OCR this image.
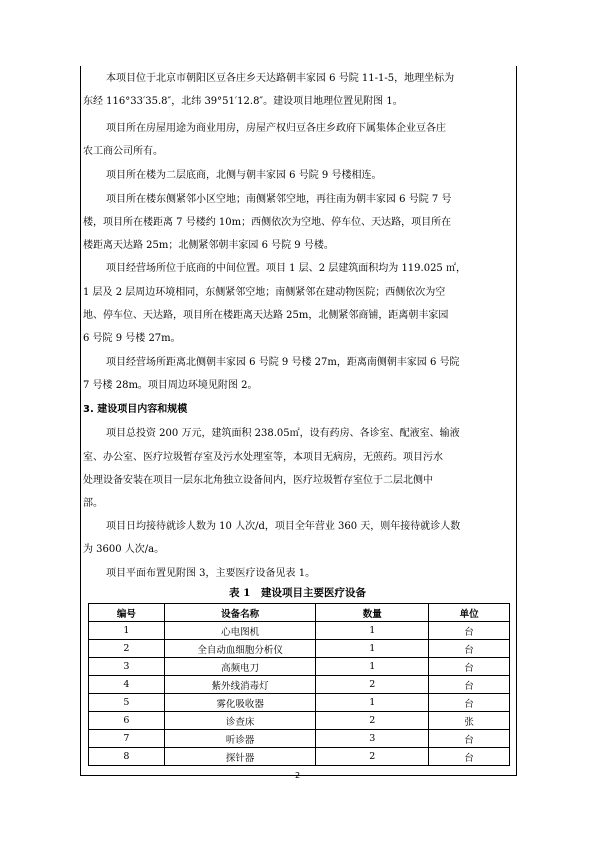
本项目位于北京市朝阳区豆各庄乡天达路朝丰家园 6 号院 11-1-5，地理坐标为
东经 116°33′35.8″，北纬 39°51′12.8″。建设项目地理位置见附图 1。
项目所在房屋用途为商业用房，房屋产权归豆各庄乡政府下属集体企业豆各庄
农工商公司所有。
项目所在楼为二层底商，北侧与朝丰家园 6 号院 9 号楼相连。
项目所在楼东侧紧邻小区空地；南侧紧邻空地，再往南为朝丰家园 6 号院 7 号
楼，项目所在楼距离 7 号楼约 10m；西侧依次为空地、停车位、天达路，项目所在
楼距离天达路 25m；北侧紧邻朝丰家园 6 号院 9 号楼。
项目经营场所位于底商的中间位置。项目 1 层、2 层建筑面积均为 119.025 ㎡，
1 层及 2 层周边环境相同，东侧紧邻空地；南侧紧邻在建动物医院；西侧依次为空
地、停车位、天达路，项目所在楼距离天达路 25m，北侧紧邻商铺，距离朝丰家园
6 号院 9 号楼 27m。
项目经营场所距离北侧朝丰家园 6 号院 9 号楼 27m，距离南侧朝丰家园 6 号院
7 号楼 28m。项目周边环境见附图 2。
3. 建设项目内容和规模
项目总投资 200 万元，建筑面积 238.05㎡，设有药房、各诊室、配液室、输液
室、办公室、医疗垃圾暂存室及污水处理室等，本项目无病房，无煎药。项目污水
处理设备安装在项目一层东北角独立设备间内，医疗垃圾暂存室位于二层北侧中
部。
项目日均接待就诊人数为 10 人次/d，项目全年营业 360 天，则年接待就诊人数
为 3600 人次/a。
项目平面布置见附图 3，主要医疗设备见表 1。
表 1　建设项目主要医疗设备
编号	设备名称	数量	单位
1	心电图机	1	台
2	全自动血细胞分析仪	1	台
3	高频电刀	1	台
4	紫外线消毒灯	2	台
5	雾化吸收器	1	台
6	诊查床	2	张
7	听诊器	3	台
8	探针器	2	台
2
